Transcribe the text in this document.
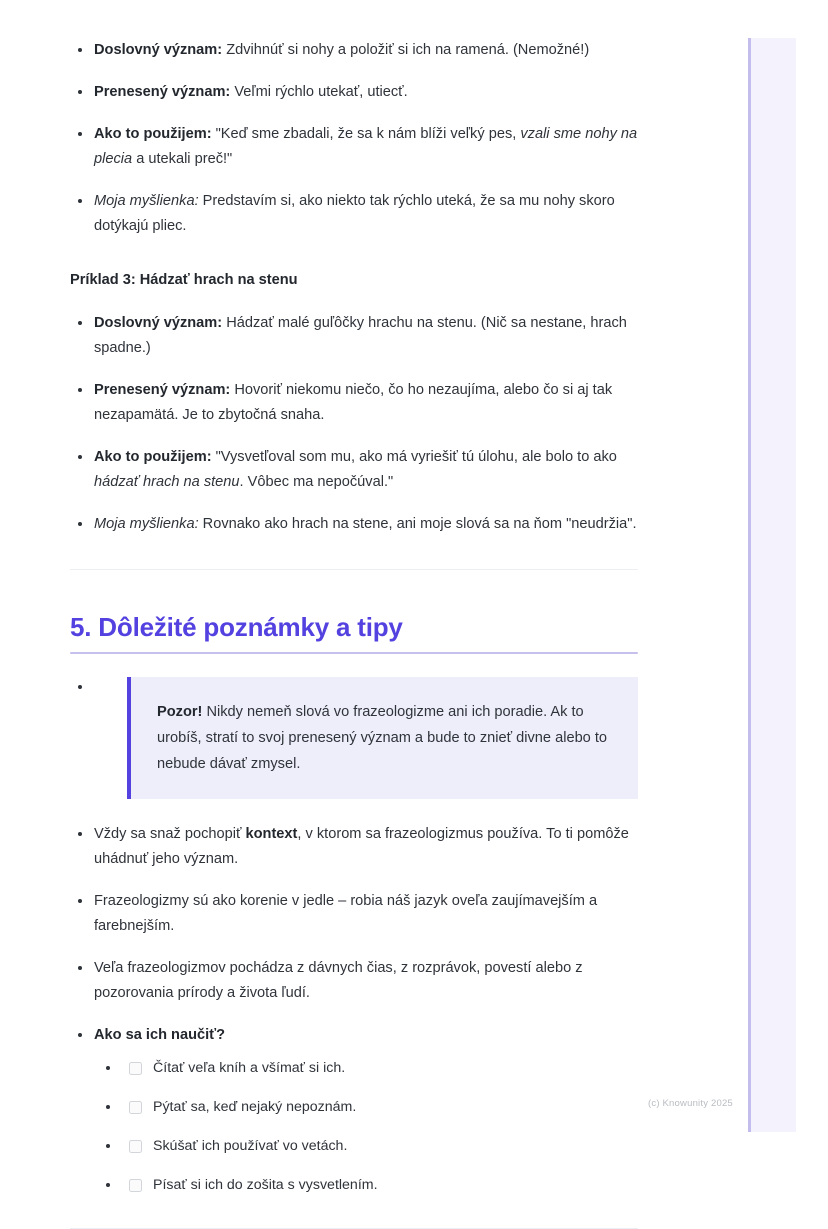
Doslovný význam: Zdvihnúť si nohy a položiť si ich na ramená. (Nemožné!)
Prenesený význam: Veľmi rýchlo utekať, utiecť.
Ako to použijem: "Keď sme zbadali, že sa k nám blíži veľký pes, vzali sme nohy na plecia a utekali preč!"
Moja myšlienka: Predstavím si, ako niekto tak rýchlo uteká, že sa mu nohy skoro dotýkajú pliec.
Príklad 3: Hádzať hrach na stenu
Doslovný význam: Hádzať malé guľôčky hrachu na stenu. (Nič sa nestane, hrach spadne.)
Prenesený význam: Hovoriť niekomu niečo, čo ho nezaujíma, alebo čo si aj tak nezapamätá. Je to zbytočná snaha.
Ako to použijem: "Vysvetľoval som mu, ako má vyriešiť tú úlohu, ale bolo to ako hádzať hrach na stenu. Vôbec ma nepočúval."
Moja myšlienka: Rovnako ako hrach na stene, ani moje slová sa na ňom "neudržia".
5. Dôležité poznámky a tipy
Pozor! Nikdy nemeň slová vo frazeologizme ani ich poradie. Ak to urobíš, stratí to svoj prenesený význam a bude to znieť divne alebo to nebude dávať zmysel.
Vždy sa snaž pochopiť kontext, v ktorom sa frazeologizmus používa. To ti pomôže uhádnuť jeho význam.
Frazeologizmy sú ako korenie v jedle – robia náš jazyk oveľa zaujímavejším a farebnejším.
Veľa frazeologizmov pochádza z dávnych čias, z rozprávok, povestí alebo z pozorovania prírody a života ľudí.
Ako sa ich naučiť?
Čítať veľa kníh a všímať si ich.
Pýtať sa, keď nejaký nepoznám.
Skúšať ich používať vo vetách.
Písať si ich do zošita s vysvetlením.
(c) Knowunity 2025
